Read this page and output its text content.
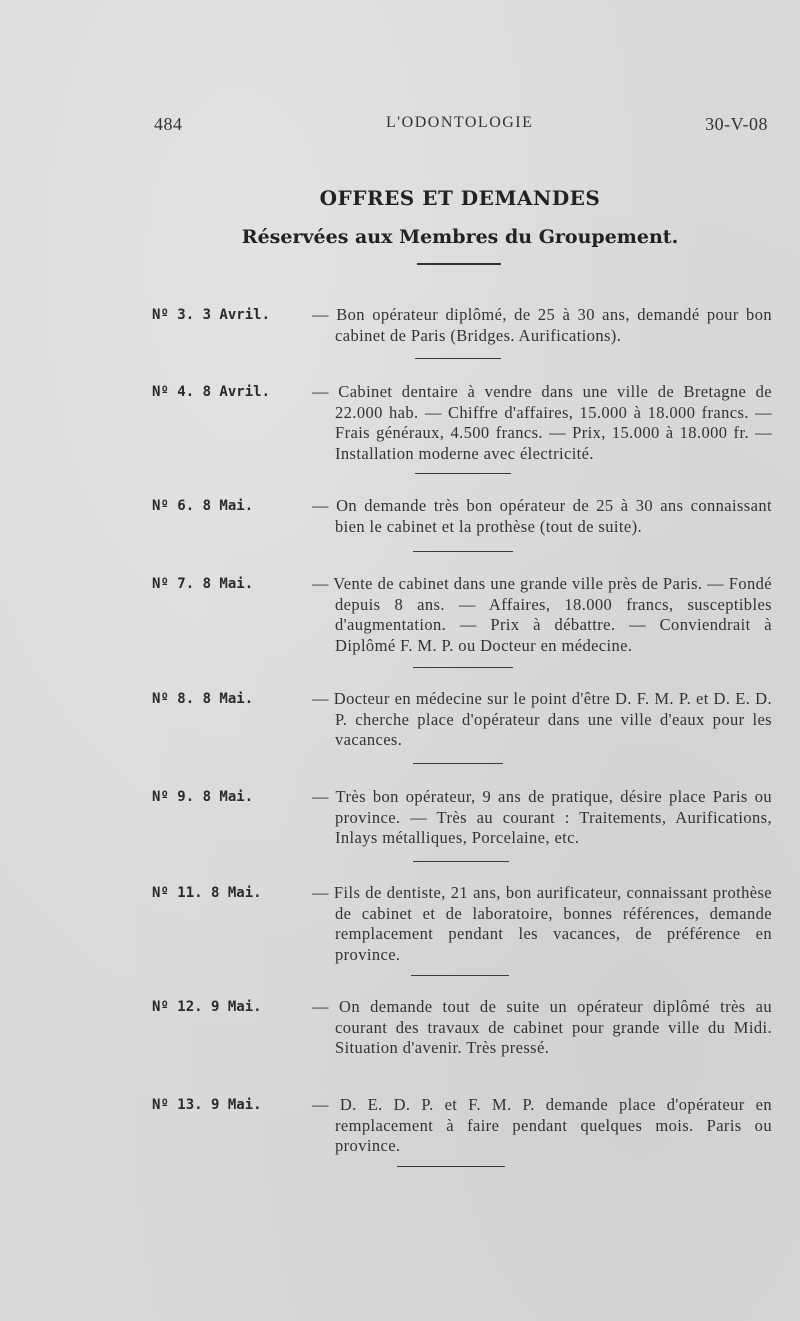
484	L'ODONTOLOGIE	30-V-08
OFFRES ET DEMANDES
Réservées aux Membres du Groupement.
Nº 3. 3 Avril.	— Bon opérateur diplômé, de 25 à 30 ans, demandé pour bon cabinet de Paris (Bridges. Aurifications).
Nº 4. 8 Avril.	— Cabinet dentaire à vendre dans une ville de Bretagne de 22.000 hab. — Chiffre d'affaires, 15.000 à 18.000 francs. — Frais généraux, 4.500 francs. — Prix, 15.000 à 18.000 fr. — Installation moderne avec électricité.
Nº 6. 8 Mai.	— On demande très bon opérateur de 25 à 30 ans connaissant bien le cabinet et la prothèse (tout de suite).
Nº 7. 8 Mai.	— Vente de cabinet dans une grande ville près de Paris. — Fondé depuis 8 ans. — Affaires, 18.000 francs, susceptibles d'augmentation. — Prix à débattre. — Conviendrait à Diplômé F. M. P. ou Docteur en médecine.
Nº 8. 8 Mai.	— Docteur en médecine sur le point d'être D. F. M. P. et D. E. D. P. cherche place d'opérateur dans une ville d'eaux pour les vacances.
Nº 9. 8 Mai.	— Très bon opérateur, 9 ans de pratique, désire place Paris ou province. — Très au courant : Traitements, Aurifications, Inlays métalliques, Porcelaine, etc.
Nº 11. 8 Mai.	— Fils de dentiste, 21 ans, bon aurificateur, connaissant prothèse de cabinet et de laboratoire, bonnes références, demande remplacement pendant les vacances, de préférence en province.
Nº 12. 9 Mai.	— On demande tout de suite un opérateur diplômé très au courant des travaux de cabinet pour grande ville du Midi. Situation d'avenir. Très pressé.
Nº 13. 9 Mai.	— D. E. D. P. et F. M. P. demande place d'opérateur en remplacement à faire pendant quelques mois. Paris ou province.
